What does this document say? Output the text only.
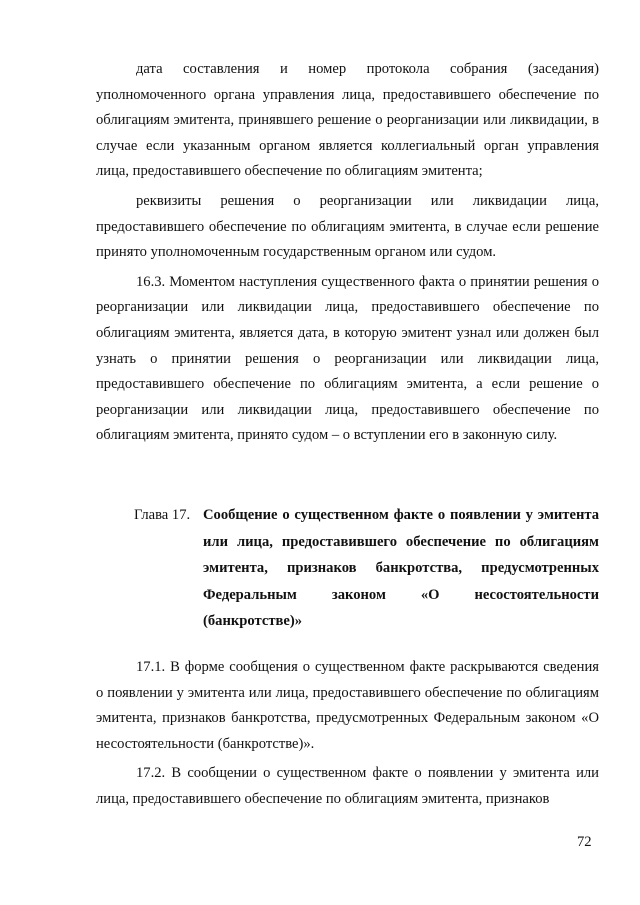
дата составления и номер протокола собрания (заседания) уполномоченного органа управления лица, предоставившего обеспечение по облигациям эмитента, принявшего решение о реорганизации или ликвидации, в случае если указанным органом является коллегиальный орган управления лица, предоставившего обеспечение по облигациям эмитента;

реквизиты решения о реорганизации или ликвидации лица, предоставившего обеспечение по облигациям эмитента, в случае если решение принято уполномоченным государственным органом или судом.

16.3. Моментом наступления существенного факта о принятии решения о реорганизации или ликвидации лица, предоставившего обеспечение по облигациям эмитента, является дата, в которую эмитент узнал или должен был узнать о принятии решения о реорганизации или ликвидации лица, предоставившего обеспечение по облигациям эмитента, а если решение о реорганизации или ликвидации лица, предоставившего обеспечение по облигациям эмитента, принято судом – о вступлении его в законную силу.

Глава 17. Сообщение о существенном факте о появлении у эмитента или лица, предоставившего обеспечение по облигациям эмитента, признаков банкротства, предусмотренных Федеральным законом «О несостоятельности (банкротстве)»

17.1. В форме сообщения о существенном факте раскрываются сведения о появлении у эмитента или лица, предоставившего обеспечение по облигациям эмитента, признаков банкротства, предусмотренных Федеральным законом «О несостоятельности (банкротстве)».

17.2. В сообщении о существенном факте о появлении у эмитента или лица, предоставившего обеспечение по облигациям эмитента, признаков

72
